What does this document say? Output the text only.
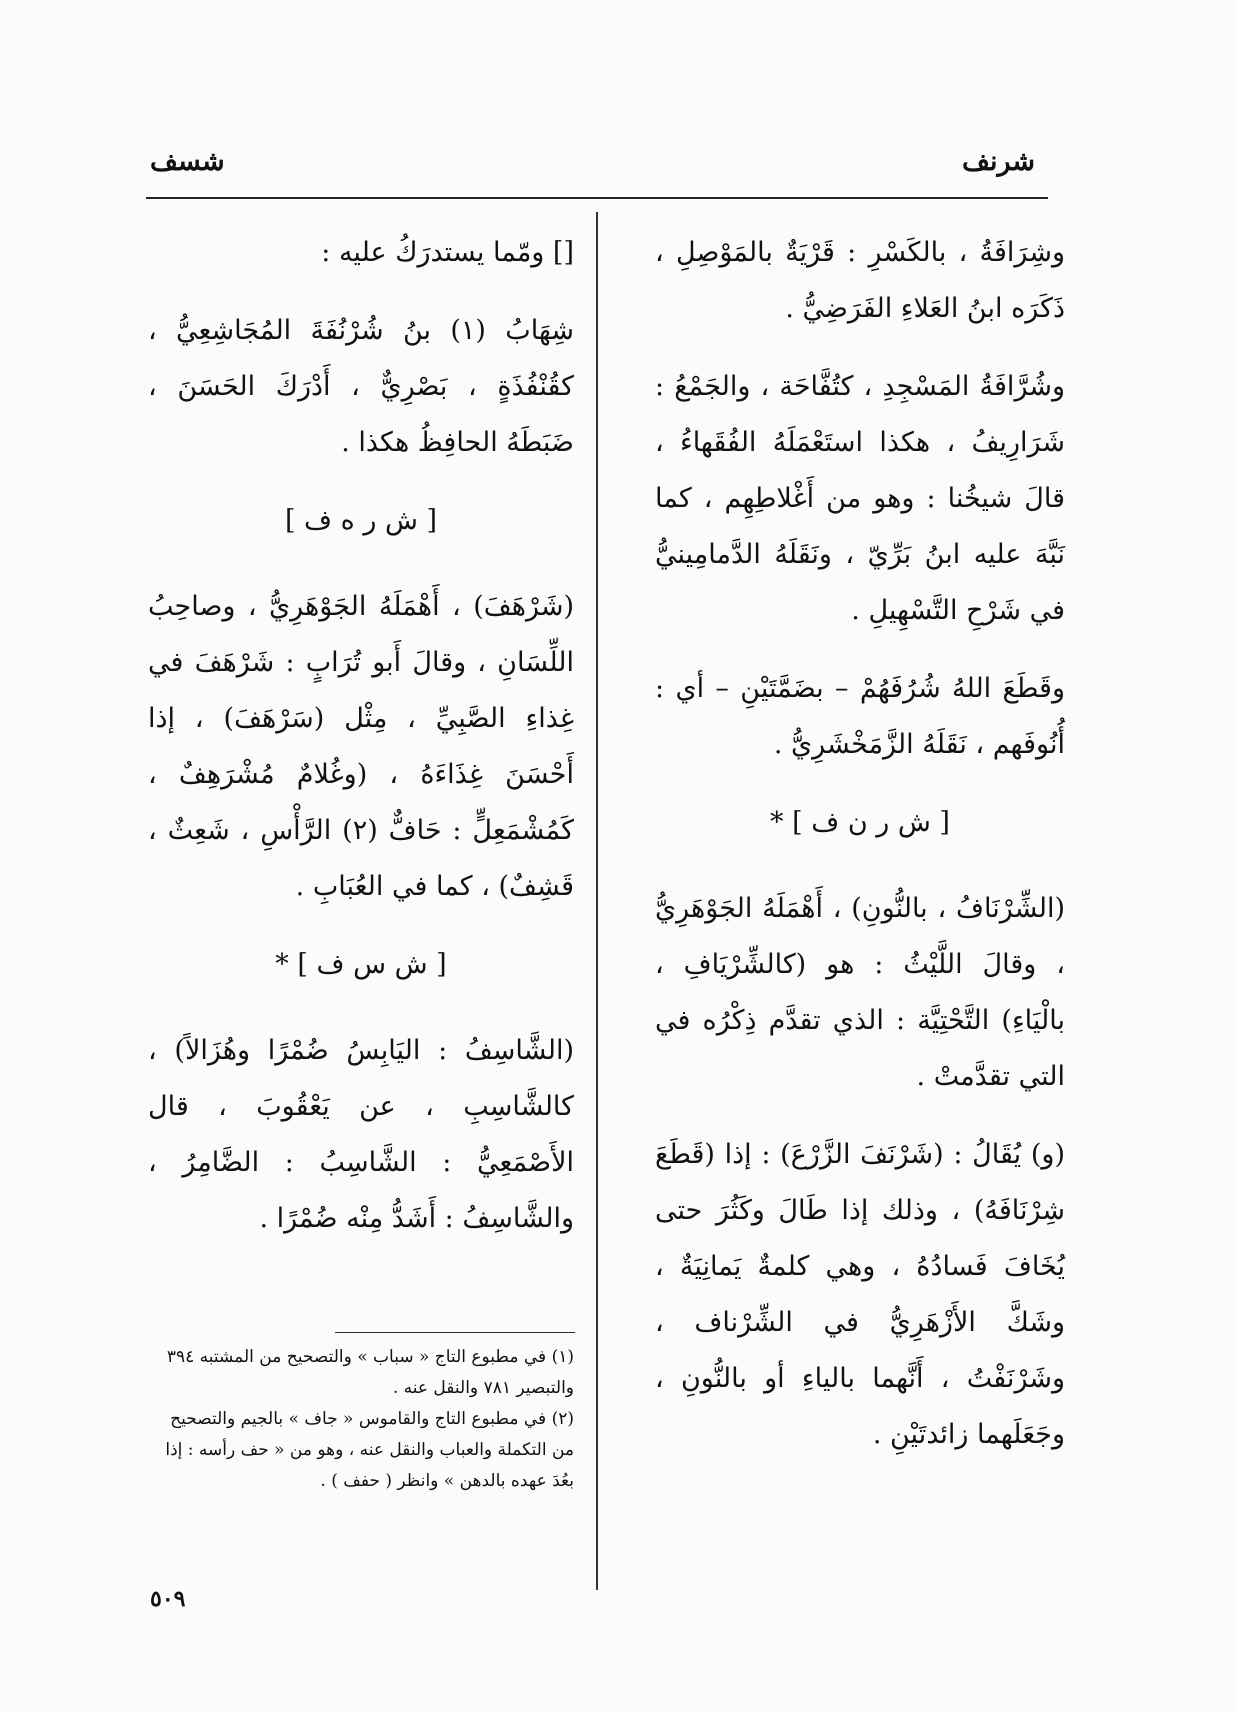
شرنف
شسف

وشِرَافَةُ ، بالكَسْرِ : قَرْيَةٌ بالمَوْصِلِ ، ذَكَرَه ابنُ العَلاءِ الفَرَضِيُّ .

وشُرَّافَةُ المَسْجِدِ ، كتُفَّاحَة ، والجَمْعُ : شَرَارِيفُ ، هكذا استَعْمَلَهُ الفُقَهاءُ ، قالَ شيخُنا : وهو من أَغْلاطِهِم ، كما نَبَّهَ عليه ابنُ بَرِّيّ ، ونَقَلَهُ الدَّمامِينيُّ في شَرْحِ التَّسْهِيلِ .

وقَطَعَ اللهُ شُرُفَهُمْ – بضَمَّتَيْنِ – أي : أُنُوفَهم ، نَقَلَهُ الزَّمَخْشَرِيُّ .

[ ش ر ن ف ] *

(الشِّرْنَافُ ، بالنُّونِ) ، أَهْمَلَهُ الجَوْهَرِيُّ ، وقالَ اللَّيْثُ : هو (كالشِّرْيَافِ ، بالْيَاءِ) التَّحْتِيَّة : الذي تقدَّم ذِكْرُه في التي تقدَّمتْ .

(و) يُقَالُ : (شَرْنَفَ الزَّرْعَ) : إذا (قَطَعَ شِرْنَافَهُ) ، وذلك إذا طَالَ وكَثُرَ حتى يُخَافَ فَسادُهُ ، وهي كلمةٌ يَمانِيَةٌ ، وشَكَّ الأَزْهَرِيُّ في الشِّرْناف ، وشَرْنَفْتُ ، أَنَّهما بالياءِ أو بالنُّونِ ، وجَعَلَهما زائدتَيْنِ .

[] ومّما يستدرَكُ عليه :

شِهَابُ (١) بنُ شُرْنُفَةَ المُجَاشِعِيُّ ، كقُنْفُذَةٍ ، بَصْرِيٌّ ، أَدْرَكَ الحَسَنَ ، ضَبَطَهُ الحافِظُ هكذا .

[ ش ر ه ف ]

(شَرْهَفَ) ، أَهْمَلَهُ الجَوْهَرِيُّ ، وصاحِبُ اللِّسَانِ ، وقالَ أَبو تُرَابٍ : شَرْهَفَ في غِذاءِ الصَّبِيِّ ، مِثْل (سَرْهَفَ) ، إذا أَحْسَنَ غِذَاءَهُ ، (وغُلامٌ مُشْرَهِفٌ ، كَمُشْمَعِلٍّ : حَافٌّ (٢) الرَّأْسِ ، شَعِثٌ ، قَشِفٌ) ، كما في العُبَابِ .

[ ش س ف ] *

(الشَّاسِفُ : اليَابِسُ ضُمْرًا وهُزَالاً) ، كالشَّاسِبِ ، عن يَعْقُوبَ ، قال الأَصْمَعِيُّ : الشَّاسِبُ : الضَّامِرُ ، والشَّاسِفُ : أَشَدُّ مِنْه ضُمْرًا .

(١) في مطبوع التاج « سباب » والتصحيح من المشتبه ٣٩٤ والتبصير ٧٨١ والنقل عنه .

(٢) في مطبوع التاج والقاموس « جاف » بالجيم والتصحيح من التكملة والعباب والنقل عنه ، وهو من « حف رأسه : إذا بعُدَ عهده بالدهن » وانظر ( حفف ) .

٥٠٩
